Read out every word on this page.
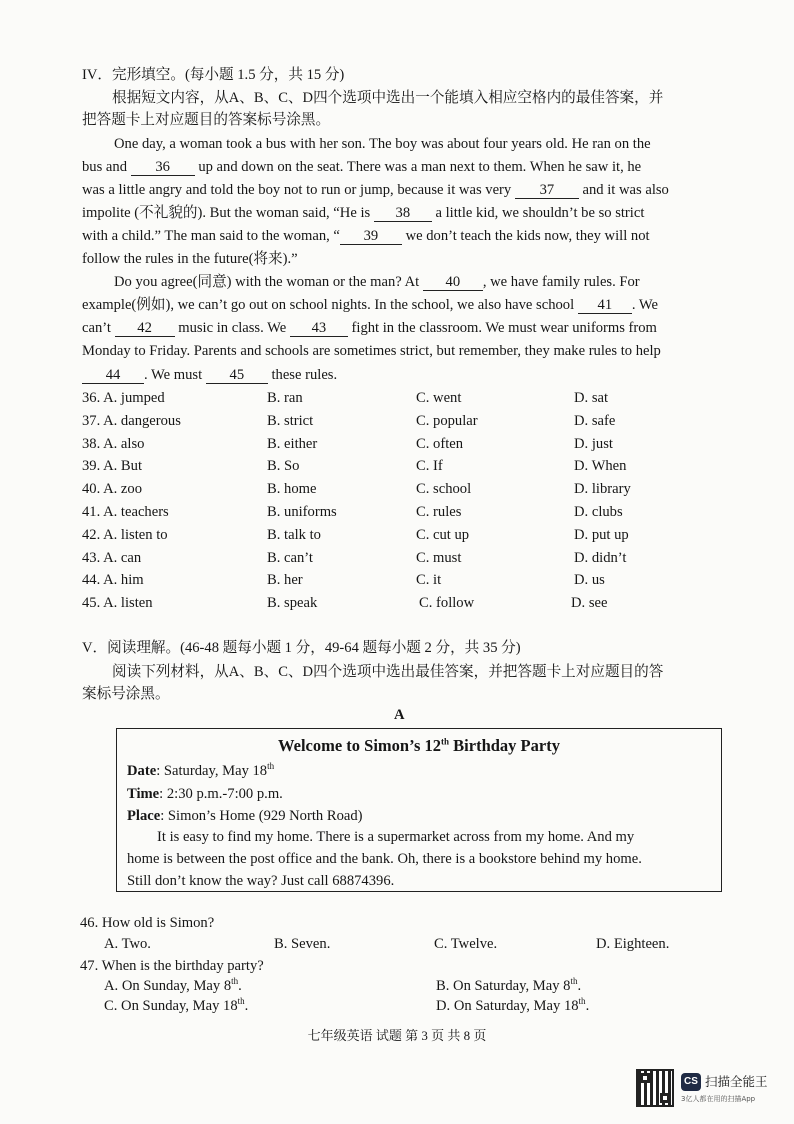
IV．完形填空。(每小题 1.5 分，共 15 分)
根据短文内容，从A、B、C、D四个选项中选出一个能填入相应空格内的最佳答案，并
把答题卡上对应题目的答案标号涂黑。
One day, a woman took a bus with her son. The boy was about four years old. He ran on the
bus and 36 up and down on the seat. There was a man next to them. When he saw it, he
was a little angry and told the boy not to run or jump, because it was very 37 and it was also
impolite (不礼貌的). But the woman said, “He is 38 a little kid, we shouldn’t be so strict
with a child.” The man said to the woman, “ 39 we don’t teach the kids now, they will not
follow the rules in the future(将来).”
Do you agree(同意) with the woman or the man? At 40 , we have family rules. For
example(例如), we can’t go out on school nights. In the school, we also have school 41 . We
can’t 42 music in class. We 43 fight in the classroom. We must wear uniforms from
Monday to Friday. Parents and schools are sometimes strict, but remember, they make rules to help
44 . We must 45 these rules.
36. A. jumped	B. ran	C. went	D. sat
37. A. dangerous	B. strict	C. popular	D. safe
38. A. also	B. either	C. often	D. just
39. A. But	B. So	C. If	D. When
40. A. zoo	B. home	C. school	D. library
41. A. teachers	B. uniforms	C. rules	D. clubs
42. A. listen to	B. talk to	C. cut up	D. put up
43. A. can	B. can’t	C. must	D. didn’t
44. A. him	B. her	C. it	D. us
45. A. listen	B. speak	C. follow	D. see
V．阅读理解。(46-48 题每小题 1 分，49-64 题每小题 2 分，共 35 分)
阅读下列材料，从A、B、C、D四个选项中选出最佳答案，并把答题卡上对应题目的答
案标号涂黑。
A
Welcome to Simon’s 12th Birthday Party
Date: Saturday, May 18th
Time: 2:30 p.m.-7:00 p.m.
Place: Simon’s Home (929 North Road)
It is easy to find my home. There is a supermarket across from my home. And my
home is between the post office and the bank. Oh, there is a bookstore behind my home.
Still don’t know the way? Just call 68874396.
46. How old is Simon?
A. Two.	B. Seven.	C. Twelve.	D. Eighteen.
47. When is the birthday party?
A. On Sunday, May 8th.	B. On Saturday, May 8th.
C. On Sunday, May 18th.	D. On Saturday, May 18th.
七年级英语 试题 第 3 页 共 8 页
CS 扫描全能王
3亿人都在用的扫描App
